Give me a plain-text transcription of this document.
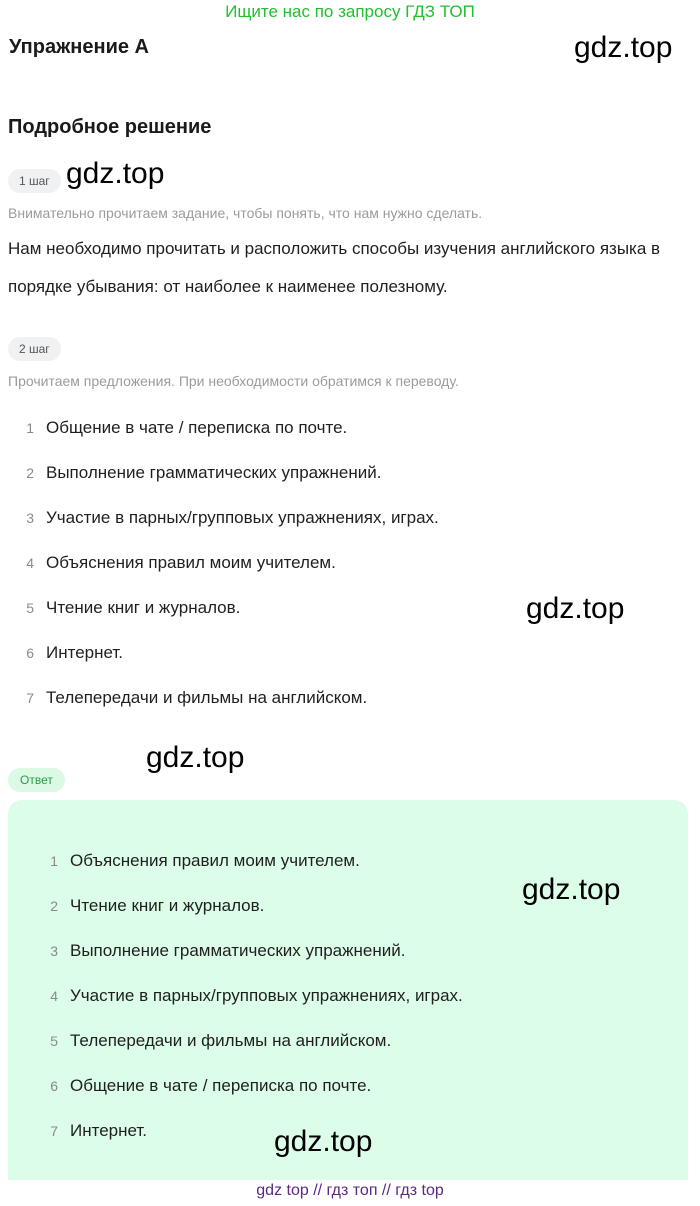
Ищите нас по запросу ГДЗ ТОП
Упражнение A	gdz.top
Подробное решение
1 шаг gdz.top
Внимательно прочитаем задание, чтобы понять, что нам нужно сделать.
Нам необходимо прочитать и расположить способы изучения английского языка в порядке убывания: от наиболее к наименее полезному.
2 шаг
Прочитаем предложения. При необходимости обратимся к переводу.
1 Общение в чате / переписка по почте.
2 Выполнение грамматических упражнений.
3 Участие в парных/групповых упражнениях, играх.
4 Объяснения правил моим учителем.
5 Чтение книг и журналов.
6 Интернет.
7 Телепередачи и фильмы на английском.
gdz.top
gdz.top
Ответ
1 Объяснения правил моим учителем.
2 Чтение книг и журналов.
3 Выполнение грамматических упражнений.
4 Участие в парных/групповых упражнениях, играх.
5 Телепередачи и фильмы на английском.
6 Общение в чате / переписка по почте.
7 Интернет.
gdz.top
gdz.top
gdz top // гдз топ // гдз top
